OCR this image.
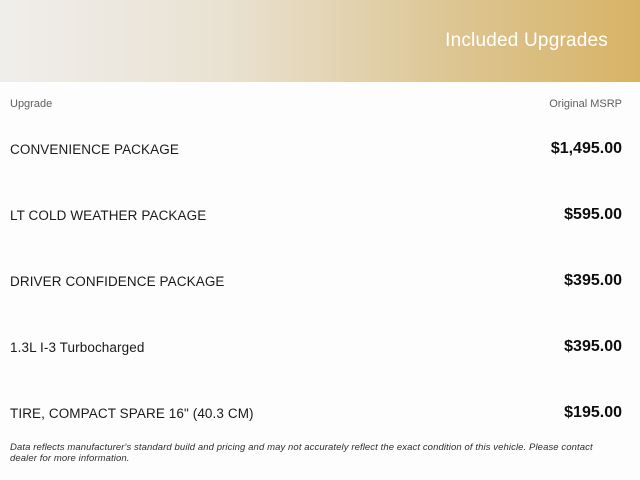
Included Upgrades
Upgrade	Original MSRP
CONVENIENCE PACKAGE	$1,495.00
LT COLD WEATHER PACKAGE	$595.00
DRIVER CONFIDENCE PACKAGE	$395.00
1.3L I-3 Turbocharged	$395.00
TIRE, COMPACT SPARE 16" (40.3 CM)	$195.00
Data reflects manufacturer's standard build and pricing and may not accurately reflect the exact condition of this vehicle. Please contact dealer for more information.
